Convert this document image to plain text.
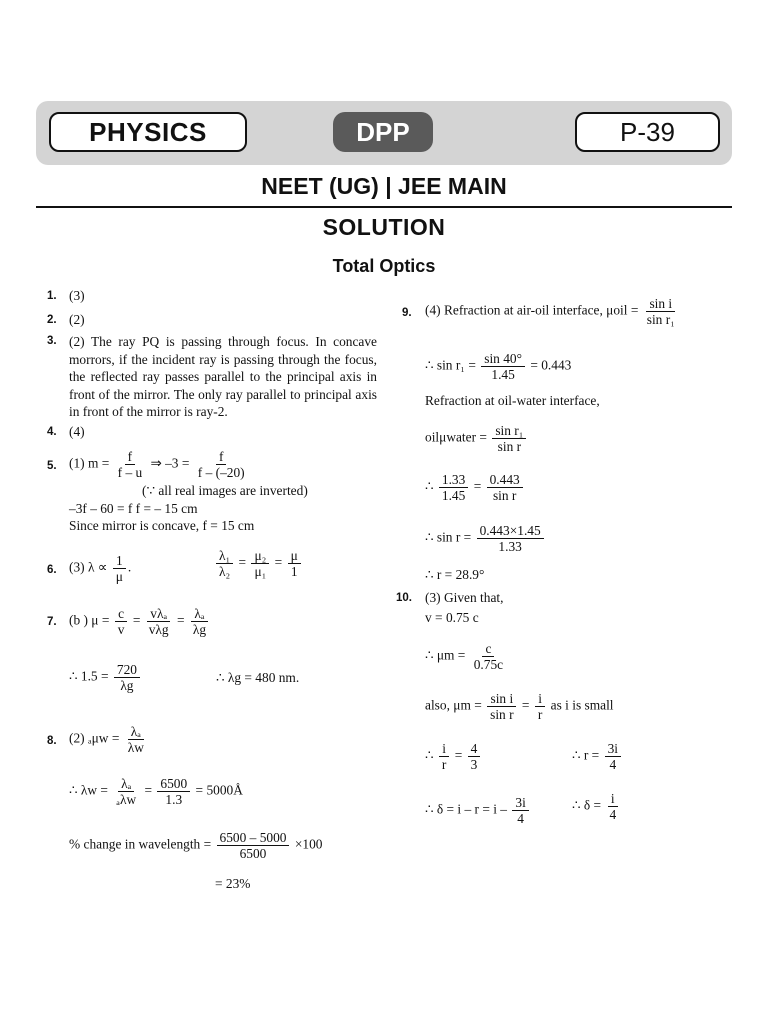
PHYSICS	DPP	P-39
NEET (UG) | JEE MAIN
SOLUTION
Total Optics
1. (3)
2. (2)
3. (2) The ray PQ is passing through focus. In concave morrors, if the incident ray is passing through the focus, the reflected ray passes parallel to the principal axis in front of the mirror. The only ray parallel to principal axis in front of the mirror is ray-2.
4. (4)
5. (1) $m = \frac{f}{f - u}$ ⇒ $-3 = \frac{f}{f - (-20)}$
(∵ all real images are inverted)
–3f – 60 = f f = – 15 cm
Since mirror is concave, f = 15 cm
6. (3) $\lambda \propto \frac{1}{\mu}$ .	$\frac{\text{λ₁}}{\text{λ₂}} = \frac{\text{μ₂}}{\text{μ₁}} = \frac{\mu}{1}$
7. (b ) $\mu = \frac{c}{v} = \frac{\text{vλₐ}}{\text{vλg}} = \frac{\text{λₐ}}{\lambda g}$
∴ $1.5 = \frac{720}{\lambda g}$	∴ λg = 480 nm.
8. (2) $_a\mu w = \frac{\text{λₐ}}{\lambda w}$
∴ $\lambda w = \frac{\text{λₐ}}{\text{ₐλw}} = \frac{6500}{1.3}$ = 5000Å
% change in wavelength = $\frac{6500 - 5000}{6500} \times 100$
= 23%
9. (4) Refraction at air-oil interface, $\mu oil = \frac{\text{sin i}}{\text{sin r₁}}$
∴ $\sin r_1 = \frac{\sin 40^\circ}{1.45} = 0.443$
Refraction at oil-water interface,
oilμwater = $\frac{\text{sin r₁}}{\text{sin r}}$
∴ $\frac{1.33}{1.45} = \frac{0.443}{\text{sin r}}$
∴ $\sin r = \frac{0.443\times 1.45}{1.33}$
∴ r = 28.9°
10. (3) Given that,
v = 0.75 c
∴ $\mu m = \frac{c}{0.75c}$
also, $\mu m = \frac{\text{sin i}}{\text{sin r}} = \frac{i}{r}$ as i is small
∴ $\frac{i}{r} = \frac{4}{3}$	∴ $r = \frac{3i}{4}$
∴ $\delta = i - r = i - \frac{3i}{4}$	∴ $\delta = \frac{i}{4}$
